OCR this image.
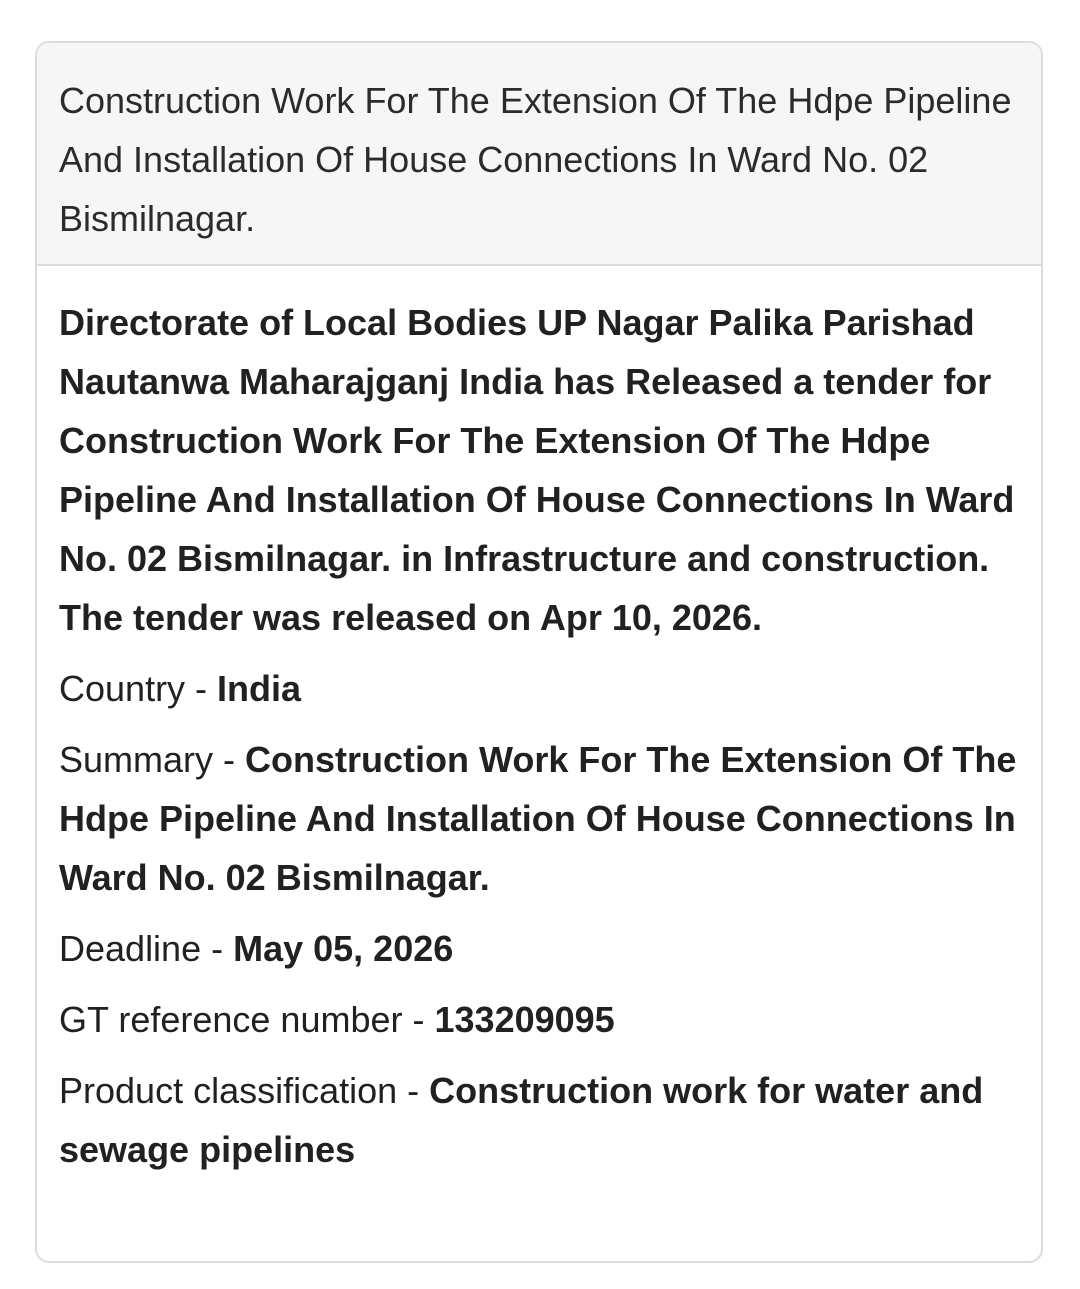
Construction Work For The Extension Of The Hdpe Pipeline And Installation Of House Connections In Ward No. 02 Bismilnagar.

Directorate of Local Bodies UP Nagar Palika Parishad Nautanwa Maharajganj India has Released a tender for Construction Work For The Extension Of The Hdpe Pipeline And Installation Of House Connections In Ward No. 02 Bismilnagar. in Infrastructure and construction. The tender was released on Apr 10, 2026.

Country - India

Summary - Construction Work For The Extension Of The Hdpe Pipeline And Installation Of House Connections In Ward No. 02 Bismilnagar.

Deadline - May 05, 2026

GT reference number - 133209095

Product classification - Construction work for water and sewage pipelines
